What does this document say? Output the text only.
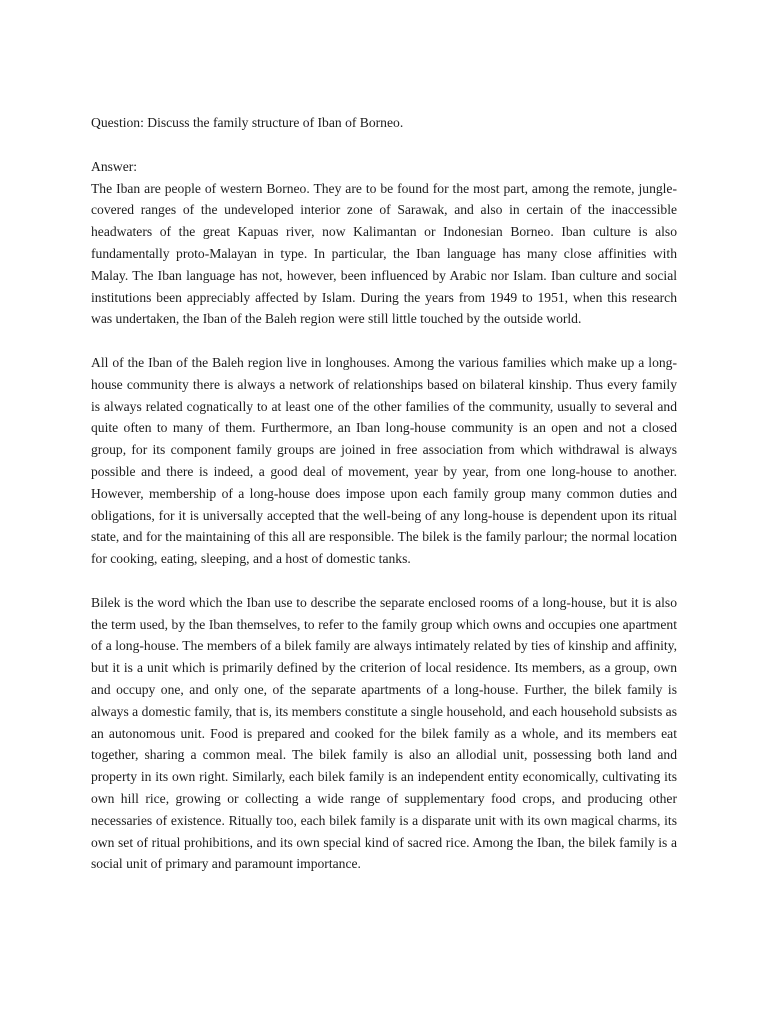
Question: Discuss the family structure of Iban of Borneo.

Answer:

The Iban are people of western Borneo. They are to be found for the most part, among the remote, jungle-covered ranges of the undeveloped interior zone of Sarawak, and also in certain of the inaccessible headwaters of the great Kapuas river, now Kalimantan or Indonesian Borneo. Iban culture is also fundamentally proto-Malayan in type. In particular, the Iban language has many close affinities with Malay. The Iban language has not, however, been influenced by Arabic nor Islam. Iban culture and social institutions been appreciably affected by Islam. During the years from 1949 to 1951, when this research was undertaken, the Iban of the Baleh region were still little touched by the outside world.

All of the Iban of the Baleh region live in longhouses. Among the various families which make up a long-house community there is always a network of relationships based on bilateral kinship. Thus every family is always related cognatically to at least one of the other families of the community, usually to several and quite often to many of them. Furthermore, an Iban long-house community is an open and not a closed group, for its component family groups are joined in free association from which withdrawal is always possible and there is indeed, a good deal of movement, year by year, from one long-house to another. However, membership of a long-house does impose upon each family group many common duties and obligations, for it is universally accepted that the well-being of any long-house is dependent upon its ritual state, and for the maintaining of this all are responsible. The bilek is the family parlour; the normal location for cooking, eating, sleeping, and a host of domestic tanks.

Bilek is the word which the Iban use to describe the separate enclosed rooms of a long-house, but it is also the term used, by the Iban themselves, to refer to the family group which owns and occupies one apartment of a long-house. The members of a bilek family are always intimately related by ties of kinship and affinity, but it is a unit which is primarily defined by the criterion of local residence. Its members, as a group, own and occupy one, and only one, of the separate apartments of a long-house. Further, the bilek family is always a domestic family, that is, its members constitute a single household, and each household subsists as an autonomous unit. Food is prepared and cooked for the bilek family as a whole, and its members eat together, sharing a common meal. The bilek family is also an allodial unit, possessing both land and property in its own right. Similarly, each bilek family is an independent entity economically, cultivating its own hill rice, growing or collecting a wide range of supplementary food crops, and producing other necessaries of existence. Ritually too, each bilek family is a disparate unit with its own magical charms, its own set of ritual prohibitions, and its own special kind of sacred rice. Among the Iban, the bilek family is a social unit of primary and paramount importance.
